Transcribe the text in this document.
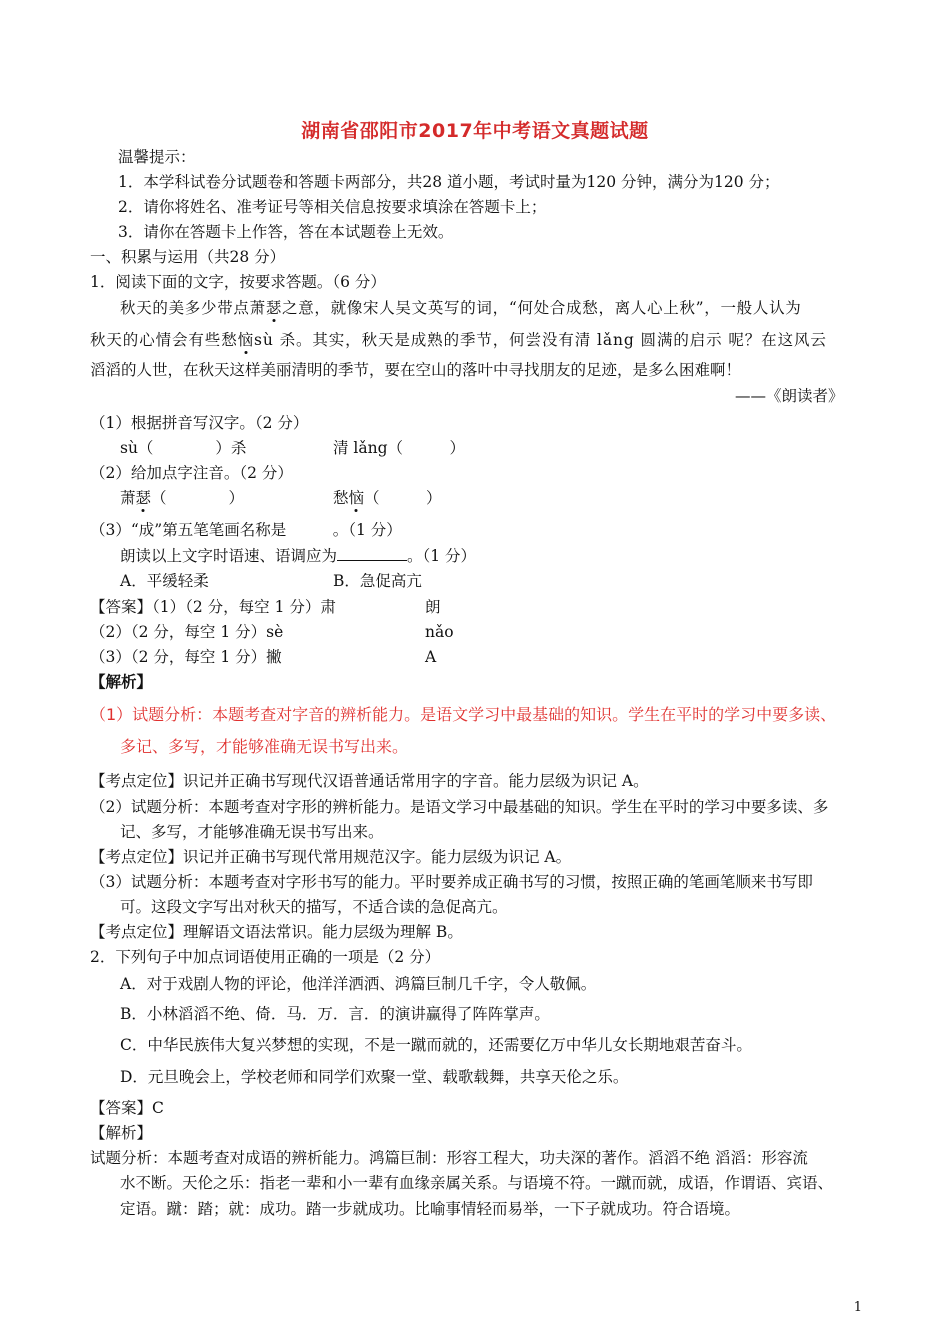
湖南省邵阳市2017年中考语文真题试题
温馨提示：
1．本学科试卷分试题卷和答题卡两部分，共28 道小题，考试时量为120 分钟，满分为120 分；
2．请你将姓名、准考证号等相关信息按要求填涂在答题卡上；
3．请你在答题卡上作答，答在本试题卷上无效。
一、积累与运用（共28 分）
1．阅读下面的文字，按要求答题。（6 分）
秋天的美多少带点萧瑟之意，就像宋人吴文英写的词，“何处合成愁，离人心上秋”，一般人认为
秋天的心情会有些愁恼sù 杀。其实，秋天是成熟的季节，何尝没有清 lǎng 圆满的启示 呢？在这风云
滔滔的人世，在秋天这样美丽清明的季节，要在空山的落叶中寻找朋友的足迹，是多么困难啊！
——《朗读者》
（1）根据拼音写汉字。（2 分）
sù（　　　　）杀	清 lǎng（　　　）
（2）给加点字注音。（2 分）
萧瑟（　　　　）	愁恼（　　　）
（3）“成”第五笔笔画名称是　　　。（1 分）
朗读以上文字时语速、语调应为	。（1 分）
A．平缓轻柔	B．急促高亢
【答案】（1）（2 分，每空 1 分）肃	朗
（2）（2 分，每空 1 分）sè	nǎo
（3）（2 分，每空 1 分）撇	A
【解析】
（1）试题分析：本题考查对字音的辨析能力。是语文学习中最基础的知识。学生在平时的学习中要多读、
多记、多写，才能够准确无误书写出来。
【考点定位】识记并正确书写现代汉语普通话常用字的字音。能力层级为识记 A。
（2）试题分析：本题考查对字形的辨析能力。是语文学习中最基础的知识。学生在平时的学习中要多读、多
记、多写，才能够准确无误书写出来。
【考点定位】识记并正确书写现代常用规范汉字。能力层级为识记 A。
（3）试题分析：本题考查对字形书写的能力。平时要养成正确书写的习惯，按照正确的笔画笔顺来书写即
可。这段文字写出对秋天的描写，不适合读的急促高亢。
【考点定位】理解语文语法常识。能力层级为理解 B。
2．下列句子中加点词语使用正确的一项是（2 分）
A．对于戏剧人物的评论，他洋洋洒洒、鸿篇巨制几千字，令人敬佩。
B．小林滔滔不绝、倚．马．万．言．的演讲赢得了阵阵掌声。
C．中华民族伟大复兴梦想的实现，不是一蹴而就的，还需要亿万中华儿女长期地艰苦奋斗。
D．元旦晚会上，学校老师和同学们欢聚一堂、载歌载舞，共享天伦之乐。
【答案】C
【解析】
试题分析：本题考查对成语的辨析能力。鸿篇巨制：形容工程大，功夫深的著作。滔滔不绝 滔滔：形容流
水不断。天伦之乐：指老一辈和小一辈有血缘亲属关系。与语境不符。一蹴而就，成语，作谓语、宾语、
定语。蹴：踏；就：成功。踏一步就成功。比喻事情轻而易举，一下子就成功。符合语境。
1
